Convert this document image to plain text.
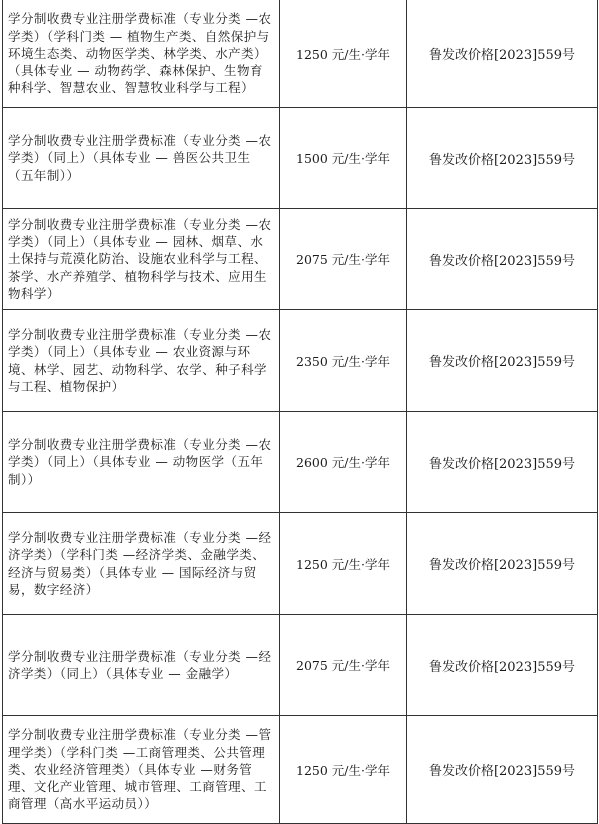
学分制收费专业注册学费标准（专业分类 —农学类）（学科门类 — 植物生产类、自然保护与环境生态类、动物医学类、林学类、水产类）（具体专业 — 动物药学、森林保护、生物育种科学、智慧农业、智慧牧业科学与工程）	1250 元/生·学年	鲁发改价格[2023]559号
学分制收费专业注册学费标准（专业分类 —农学类）（同上）（具体专业 — 兽医公共卫生（五年制））	1500 元/生·学年	鲁发改价格[2023]559号
学分制收费专业注册学费标准（专业分类 —农学类）（同上）（具体专业 — 园林、烟草、水土保持与荒漠化防治、设施农业科学与工程、茶学、水产养殖学、植物科学与技术、应用生物科学）	2075 元/生·学年	鲁发改价格[2023]559号
学分制收费专业注册学费标准（专业分类 —农学类）（同上）（具体专业 — 农业资源与环境、林学、园艺、动物科学、农学、种子科学与工程、植物保护）	2350 元/生·学年	鲁发改价格[2023]559号
学分制收费专业注册学费标准（专业分类 —农学类）（同上）（具体专业 — 动物医学（五年制））	2600 元/生·学年	鲁发改价格[2023]559号
学分制收费专业注册学费标准（专业分类 —经济学类）（学科门类 —经济学类、金融学类、经济与贸易类）（具体专业 — 国际经济与贸易，数字经济）	1250 元/生·学年	鲁发改价格[2023]559号
学分制收费专业注册学费标准（专业分类 —经济学类）（同上）（具体专业 — 金融学）	2075 元/生·学年	鲁发改价格[2023]559号
学分制收费专业注册学费标准（专业分类 —管理学类）（学科门类 —工商管理类、公共管理类、农业经济管理类）（具体专业 —财务管理、文化产业管理、城市管理、工商管理、工商管理（高水平运动员））	1250 元/生·学年	鲁发改价格[2023]559号
